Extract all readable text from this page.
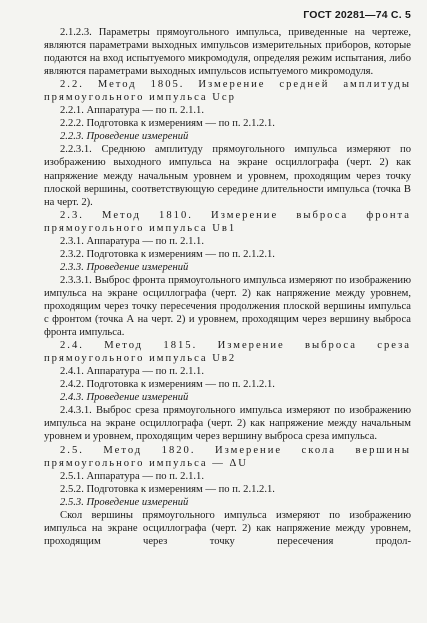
ГОСТ 20281—74 С. 5

2.1.2.3. Параметры прямоугольного импульса, приведенные на чертеже, являются параметрами выходных импульсов измерительных приборов, которые подаются на вход испытуемого микромодуля, определяя режим испытания, либо являются параметрами выходных импульсов испытуемого микромодуля.

2.2. Метод 1805. Измерение средней амплитуды прямоугольного импульса Uср

2.2.1. Аппаратура — по п. 2.1.1.

2.2.2. Подготовка к измерениям — по п. 2.1.2.1.

2.2.3. Проведение измерений

2.2.3.1. Среднюю амплитуду прямоугольного импульса измеряют по изображению выходного импульса на экране осциллографа (черт. 2) как напряжение между начальным уровнем и уровнем, проходящим через точку плоской вершины, соответствующую середине длительности импульса (точка В на черт. 2).

2.3. Метод 1810. Измерение выброса фронта прямоугольного импульса Uв1

2.3.1. Аппаратура — по п. 2.1.1.

2.3.2. Подготовка к измерениям — по п. 2.1.2.1.

2.3.3. Проведение измерений

2.3.3.1. Выброс фронта прямоугольного импульса измеряют по изображению импульса на экране осциллографа (черт. 2) как напряжение между уровнем, проходящим через точку пересечения продолжения плоской вершины импульса с фронтом (точка А на черт. 2) и уровнем, проходящим через вершину выброса фронта импульса.

2.4. Метод 1815. Измерение выброса среза прямоугольного импульса Uв2

2.4.1. Аппаратура — по п. 2.1.1.

2.4.2. Подготовка к измерениям — по п. 2.1.2.1.

2.4.3. Проведение измерений

2.4.3.1. Выброс среза прямоугольного импульса измеряют по изображению импульса на экране осциллографа (черт. 2) как напряжение между начальным уровнем и уровнем, проходящим через вершину выброса среза импульса.

2.5. Метод 1820. Измерение скола вершины прямоугольного импульса — ΔU

2.5.1. Аппаратура — по п. 2.1.1.

2.5.2. Подготовка к измерениям — по п. 2.1.2.1.

2.5.3. Проведение измерений

Скол вершины прямоугольного импульса измеряют по изображению импульса на экране осциллографа (черт. 2) как напряжение между уровнем, проходящим через точку пересечения продол-
